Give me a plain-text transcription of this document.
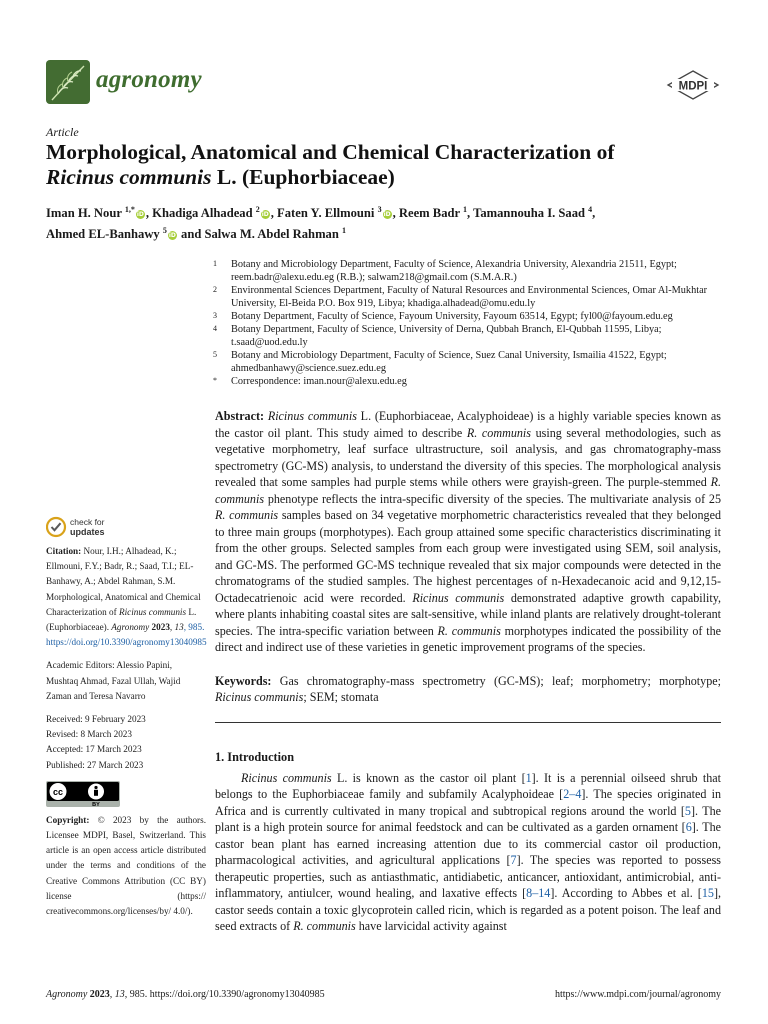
agronomy	MDPI
Article
Morphological, Anatomical and Chemical Characterization of
Ricinus communis L. (Euphorbiaceae)
Iman H. Nour $^{1,*}$iD , Khadiga Alhadead $^2$iD , Faten Y. Ellmouni $^3$iD , Reem Badr $^1$, Tamannouha I. Saad $^4$,
Ahmed EL-Banhawy $^5$iD and Salwa M. Abdel Rahman $^1$
1	Botany and Microbiology Department, Faculty of Science, Alexandria University, Alexandria 21511, Egypt; reem.badr@alexu.edu.eg (R.B.); salwam218@gmail.com (S.M.A.R.)
2	Environmental Sciences Department, Faculty of Natural Resources and Environmental Sciences, Omar Al-Mukhtar University, El-Beida P.O. Box 919, Libya; khadiga.alhadead@omu.edu.ly
3	Botany Department, Faculty of Science, Fayoum University, Fayoum 63514, Egypt; fyl00@fayoum.edu.eg
4	Botany Department, Faculty of Science, University of Derna, Qubbah Branch, El-Qubbah 11595, Libya; t.saad@uod.edu.ly
5	Botany and Microbiology Department, Faculty of Science, Suez Canal University, Ismailia 41522, Egypt; ahmedbanhawy@science.suez.edu.eg
*	Correspondence: iman.nour@alexu.edu.eg
check for
updates
Citation: Nour, I.H.; Alhadead, K.; Ellmouni, F.Y.; Badr, R.; Saad, T.I.; EL-Banhawy, A.; Abdel Rahman, S.M. Morphological, Anatomical and Chemical Characterization of Ricinus communis L. (Euphorbiaceae). Agronomy 2023, 13, 985. https://doi.org/10.3390/agronomy13040985
Academic Editors: Alessio Papini, Mushtaq Ahmad, Fazal Ullah, Wajid Zaman and Teresa Navarro
Received: 9 February 2023
Revised: 8 March 2023
Accepted: 17 March 2023
Published: 27 March 2023
cc
BY
Copyright: © 2023 by the authors. Licensee MDPI, Basel, Switzerland. This article is an open access article distributed under the terms and conditions of the Creative Commons Attribution (CC BY) license (https:// creativecommons.org/licenses/by/ 4.0/).
Abstract: Ricinus communis L. (Euphorbiaceae, Acalyphoideae) is a highly variable species known as the castor oil plant. This study aimed to describe R. communis using several methodologies, such as vegetative morphometry, leaf surface ultrastructure, soil analysis, and gas chromatography-mass spectrometry (GC-MS) analysis, to understand the diversity of this species. The morphological analysis revealed that some samples had purple stems while others were grayish-green. The purple-stemmed R. communis phenotype reflects the intra-specific diversity of the species. The multivariate analysis of 25 R. communis samples based on 34 vegetative morphometric characteristics revealed that they belonged to three main groups (morphotypes). Each group attained some specific characteristics discriminating it from the other groups. Selected samples from each group were investigated using SEM, soil analysis, and GC-MS. The performed GC-MS technique revealed that six major compounds were detected in the chromatograms of the studied samples. The highest percentages of n-Hexadecanoic acid and 9,12,15-Octadecatrienoic acid were recorded. Ricinus communis demonstrated adaptive growth capability, where plants inhabiting coastal sites are salt-sensitive, while inland plants are relatively drought-tolerant species. The intra-specific variation between R. communis morphotypes indicated the possibility of the direct and indirect use of these varieties in genetic improvement programs of the species.
Keywords: Gas chromatography-mass spectrometry (GC-MS); leaf; morphometry; morphotype; Ricinus communis; SEM; stomata
1. Introduction
Ricinus communis L. is known as the castor oil plant [1]. It is a perennial oilseed shrub that belongs to the Euphorbiaceae family and subfamily Acalyphoideae [2–4]. The species originated in Africa and is currently cultivated in many tropical and subtropical regions around the world [5]. The plant is a high protein source for animal feedstock and can be cultivated as a garden ornament [6]. The castor bean plant has earned increasing attention due to its commercial castor oil production, pharmacological activities, and agricultural applications [7]. The species was reported to possess therapeutic properties, such as antiasthmatic, antidiabetic, anticancer, antioxidant, antimicrobial, anti-inflammatory, antiulcer, wound healing, and laxative effects [8–14]. According to Abbes et al. [15], castor seeds contain a toxic glycoprotein called ricin, which is regarded as a potent poison. The leaf and seed extracts of R. communis have larvicidal activity against
Agronomy 2023, 13, 985. https://doi.org/10.3390/agronomy13040985	https://www.mdpi.com/journal/agronomy
